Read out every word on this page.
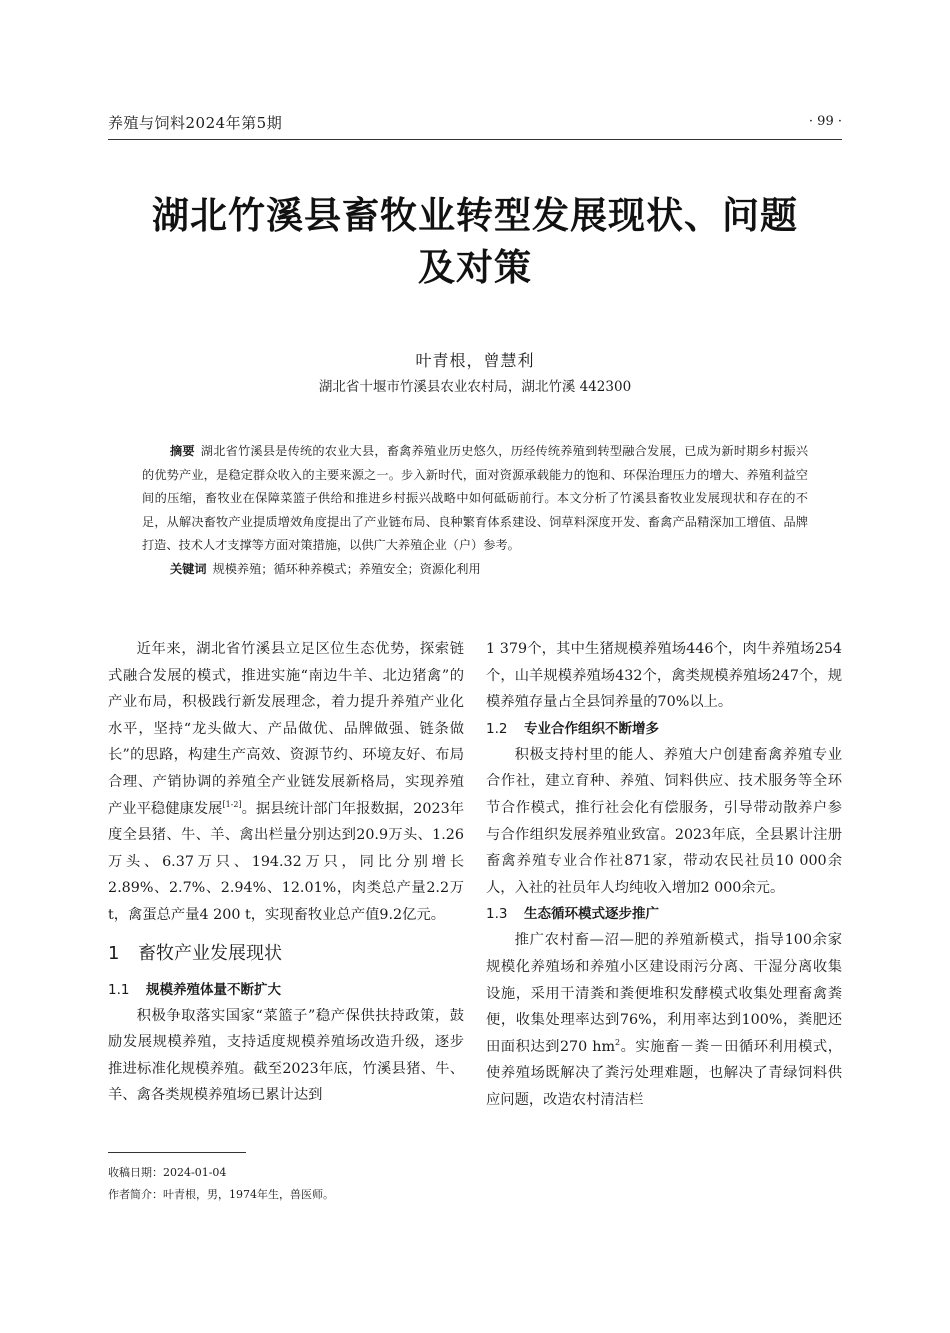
养殖与饲料2024年第5期	· 99 ·
湖北竹溪县畜牧业转型发展现状、问题
及对策
叶青根，曾慧利
湖北省十堰市竹溪县农业农村局，湖北竹溪 442300
摘要 湖北省竹溪县是传统的农业大县，畜禽养殖业历史悠久，历经传统养殖到转型融合发展，已成为新时期乡村振兴的优势产业，是稳定群众收入的主要来源之一。步入新时代，面对资源承载能力的饱和、环保治理压力的增大、养殖利益空间的压缩，畜牧业在保障菜篮子供给和推进乡村振兴战略中如何砥砺前行。本文分析了竹溪县畜牧业发展现状和存在的不足，从解决畜牧产业提质增效角度提出了产业链布局、良种繁育体系建设、饲草料深度开发、畜禽产品精深加工增值、品牌打造、技术人才支撑等方面对策措施，以供广大养殖企业（户）参考。
关键词 规模养殖；循环种养模式；养殖安全；资源化利用

近年来，湖北省竹溪县立足区位生态优势，探索链式融合发展的模式，推进实施“南边牛羊、北边猪禽”的产业布局，积极践行新发展理念，着力提升养殖产业化水平，坚持“龙头做大、产品做优、品牌做强、链条做长”的思路，构建生产高效、资源节约、环境友好、布局合理、产销协调的养殖全产业链发展新格局，实现养殖产业平稳健康发展[1-2]。据县统计部门年报数据，2023年度全县猪、牛、羊、禽出栏量分别达到20.9万头、1.26万头、6.37万只、194.32万只，同比分别增长2.89%、2.7%、2.94%、12.01%，肉类总产量2.2万t，禽蛋总产量4 200 t，实现畜牧业总产值9.2亿元。

1 畜牧产业发展现状
1.1 规模养殖体量不断扩大

积极争取落实国家“菜篮子”稳产保供扶持政策，鼓励发展规模养殖，支持适度规模养殖场改造升级，逐步推进标准化规模养殖。截至2023年底，竹溪县猪、牛、羊、禽各类规模养殖场已累计达到

1 379个，其中生猪规模养殖场446个，肉牛养殖场254个，山羊规模养殖场432个，禽类规模养殖场247个，规模养殖存量占全县饲养量的70%以上。

1.2 专业合作组织不断增多

积极支持村里的能人、养殖大户创建畜禽养殖专业合作社，建立育种、养殖、饲料供应、技术服务等全环节合作模式，推行社会化有偿服务，引导带动散养户参与合作组织发展养殖业致富。2023年底，全县累计注册畜禽养殖专业合作社871家，带动农民社员10 000余人，入社的社员年人均纯收入增加2 000余元。

1.3 生态循环模式逐步推广

推广农村畜—沼—肥的养殖新模式，指导100余家规模化养殖场和养殖小区建设雨污分离、干湿分离收集设施，采用干清粪和粪便堆积发酵模式收集处理畜禽粪便，收集处理率达到76%，利用率达到100%，粪肥还田面积达到270 $hm^2$。实施畜－粪－田循环利用模式，使养殖场既解决了粪污处理难题，也解决了青绿饲料供应问题，改造农村清洁栏

收稿日期：2024-01-04
作者简介：叶青根，男，1974年生，兽医师。
